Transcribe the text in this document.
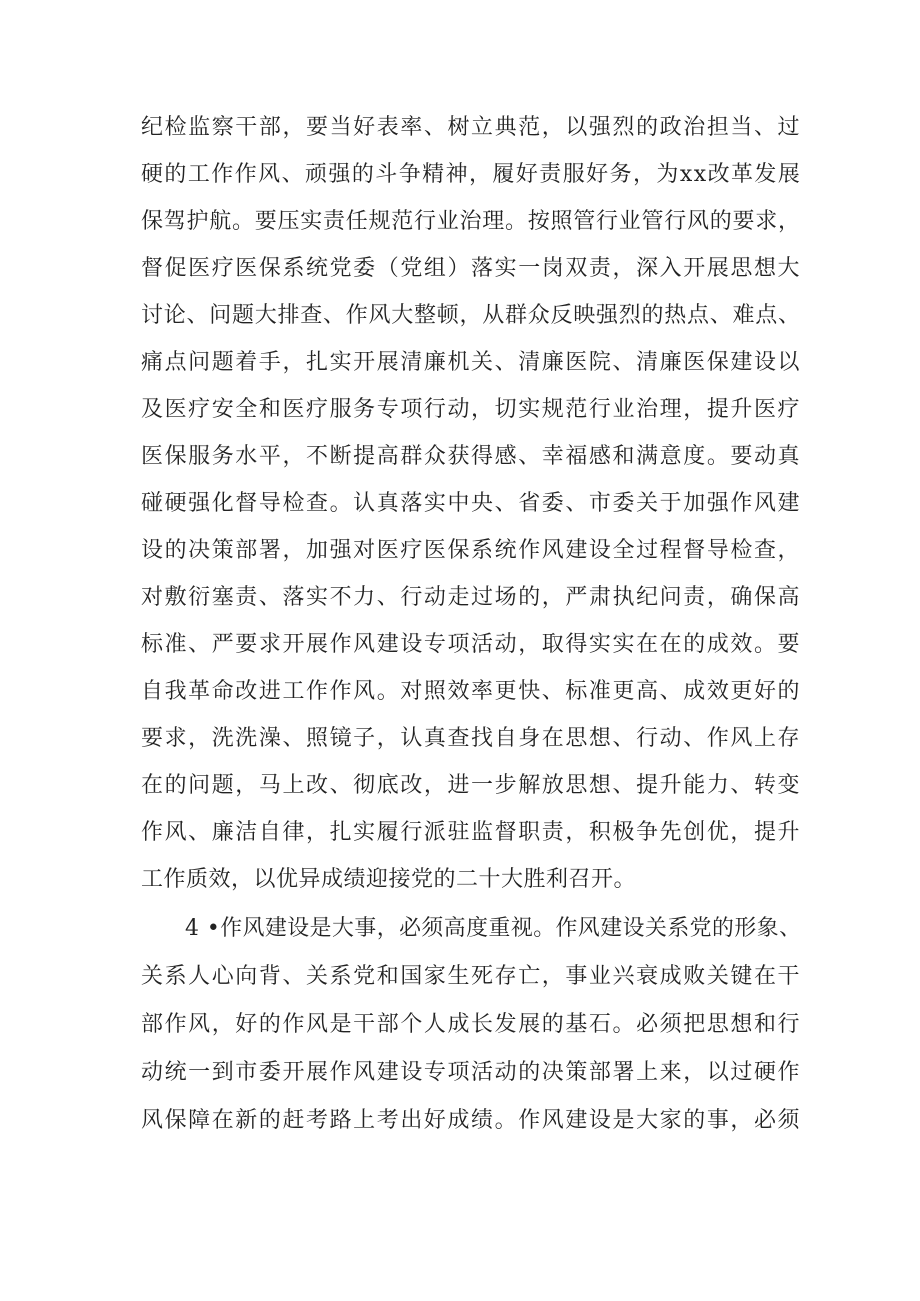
纪检监察干部，要当好表率、树立典范，以强烈的政治担当、过
硬的工作作风、顽强的斗争精神，履好责服好务，为xx改革发展
保驾护航。要压实责任规范行业治理。按照管行业管行风的要求，
督促医疗医保系统党委（党组）落实一岗双责，深入开展思想大
讨论、问题大排查、作风大整顿，从群众反映强烈的热点、难点、
痛点问题着手，扎实开展清廉机关、清廉医院、清廉医保建设以
及医疗安全和医疗服务专项行动，切实规范行业治理，提升医疗
医保服务水平，不断提高群众获得感、幸福感和满意度。要动真
碰硬强化督导检查。认真落实中央、省委、市委关于加强作风建
设的决策部署，加强对医疗医保系统作风建设全过程督导检查，
对敷衍塞责、落实不力、行动走过场的，严肃执纪问责，确保高
标准、严要求开展作风建设专项活动，取得实实在在的成效。要
自我革命改进工作作风。对照效率更快、标准更高、成效更好的
要求，洗洗澡、照镜子，认真查找自身在思想、行动、作风上存
在的问题，马上改、彻底改，进一步解放思想、提升能力、转变
作风、廉洁自律，扎实履行派驻监督职责，积极争先创优，提升
工作质效，以优异成绩迎接党的二十大胜利召开。
4 •作风建设是大事，必须高度重视。作风建设关系党的形象、
关系人心向背、关系党和国家生死存亡，事业兴衰成败关键在干
部作风，好的作风是干部个人成长发展的基石。必须把思想和行
动统一到市委开展作风建设专项活动的决策部署上来，以过硬作
风保障在新的赶考路上考出好成绩。作风建设是大家的事，必须
